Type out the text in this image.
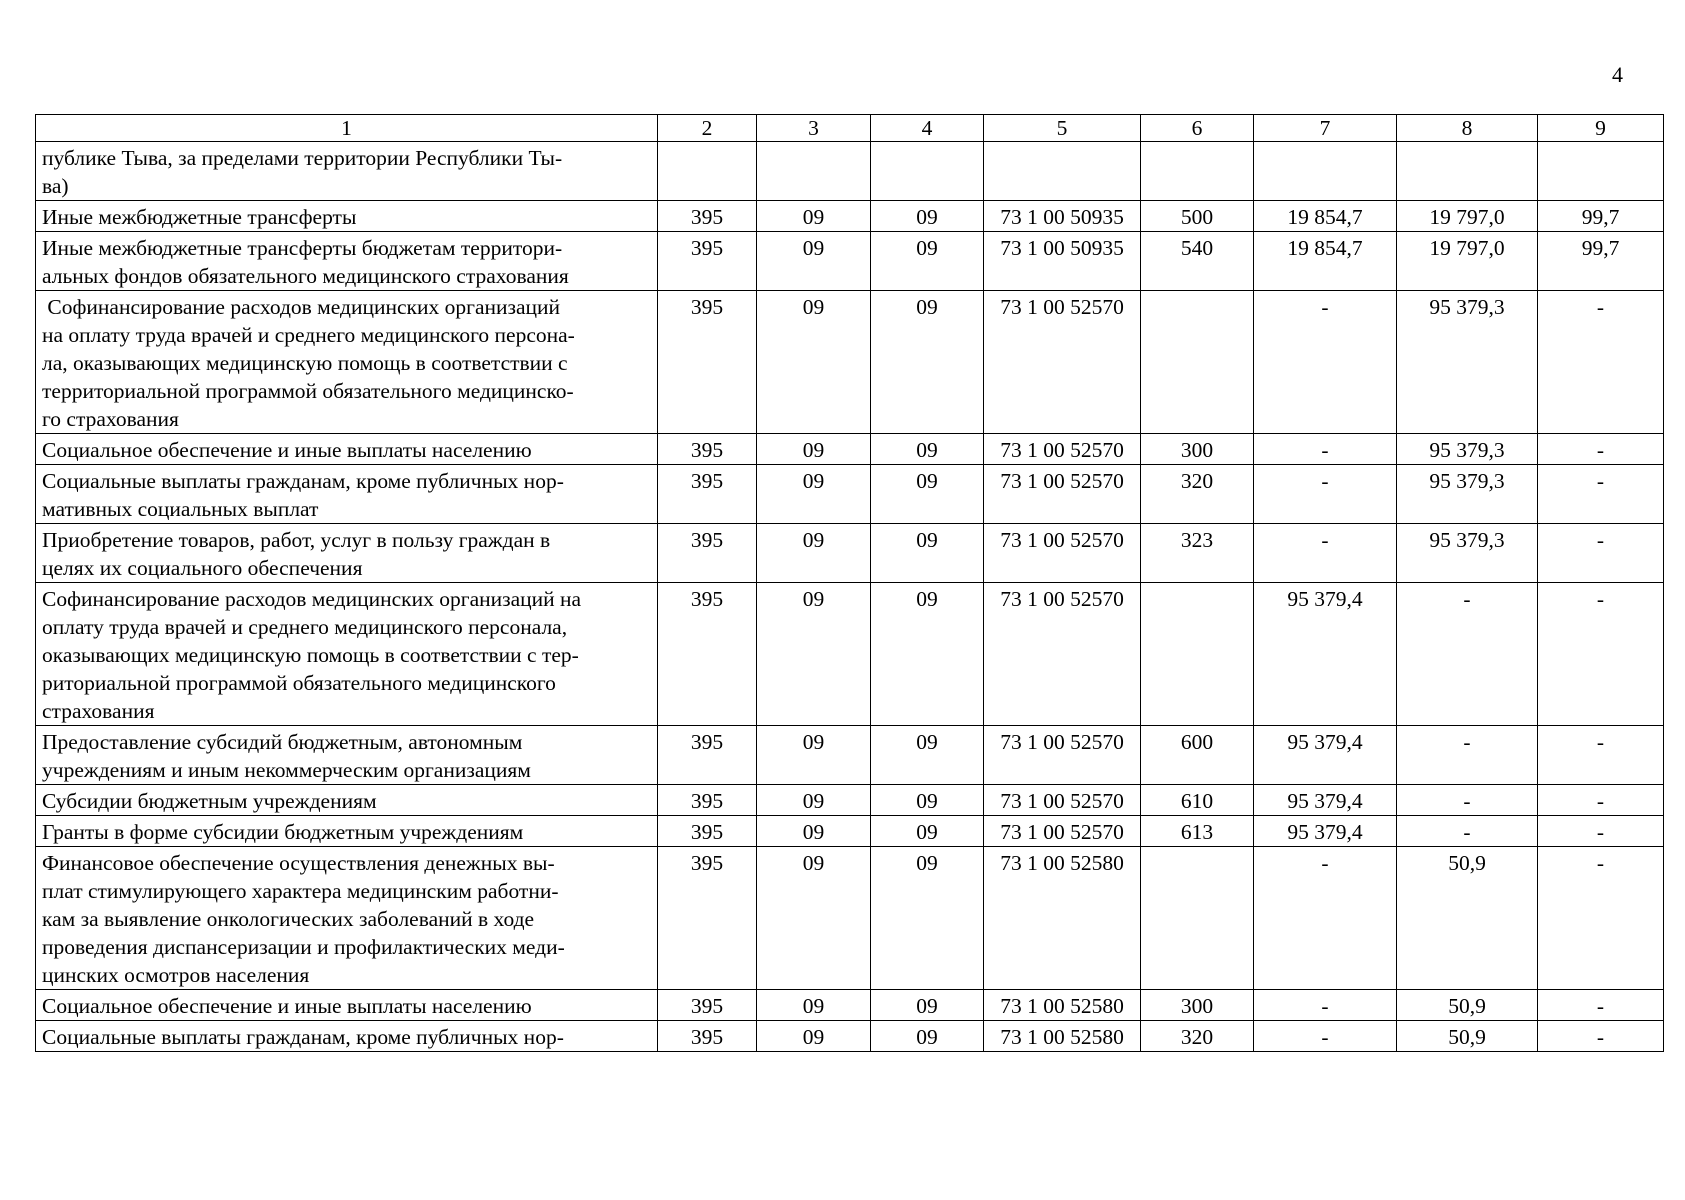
4
1	2	3	4	5	6	7	8	9

публике Тыва, за пределами территории Республики Ты-
ва)								

Иные межбюджетные трансферты	395	09	09	73 1 00 50935	500	19 854,7	19 797,0	99,7

Иные межбюджетные трансферты бюджетам территори-
альных фондов обязательного медицинского страхования	395	09	09	73 1 00 50935	540	19 854,7	19 797,0	99,7

Софинансирование расходов медицинских организаций
на оплату труда врачей и среднего медицинского персона-
ла, оказывающих медицинскую помощь в соответствии с
территориальной программой обязательного медицинско-
го страхования	395	09	09	73 1 00 52570		-	95 379,3	-

Социальное обеспечение и иные выплаты населению	395	09	09	73 1 00 52570	300	-	95 379,3	-

Социальные выплаты гражданам, кроме публичных нор-
мативных социальных выплат	395	09	09	73 1 00 52570	320	-	95 379,3	-

Приобретение товаров, работ, услуг в пользу граждан в
целях их социального обеспечения	395	09	09	73 1 00 52570	323	-	95 379,3	-

Софинансирование расходов медицинских организаций на
оплату труда врачей и среднего медицинского персонала,
оказывающих медицинскую помощь в соответствии с тер-
риториальной программой обязательного медицинского
страхования	395	09	09	73 1 00 52570		95 379,4	-	-

Предоставление субсидий бюджетным, автономным
учреждениям и иным некоммерческим организациям	395	09	09	73 1 00 52570	600	95 379,4	-	-

Субсидии бюджетным учреждениям	395	09	09	73 1 00 52570	610	95 379,4	-	-

Гранты в форме субсидии бюджетным учреждениям	395	09	09	73 1 00 52570	613	95 379,4	-	-

Финансовое обеспечение осуществления денежных вы-
плат стимулирующего характера медицинским работни-
кам за выявление онкологических заболеваний в ходе
проведения диспансеризации и профилактических меди-
цинских осмотров населения	395	09	09	73 1 00 52580		-	50,9	-

Социальное обеспечение и иные выплаты населению	395	09	09	73 1 00 52580	300	-	50,9	-

Социальные выплаты гражданам, кроме публичных нор-	395	09	09	73 1 00 52580	320	-	50,9	-
